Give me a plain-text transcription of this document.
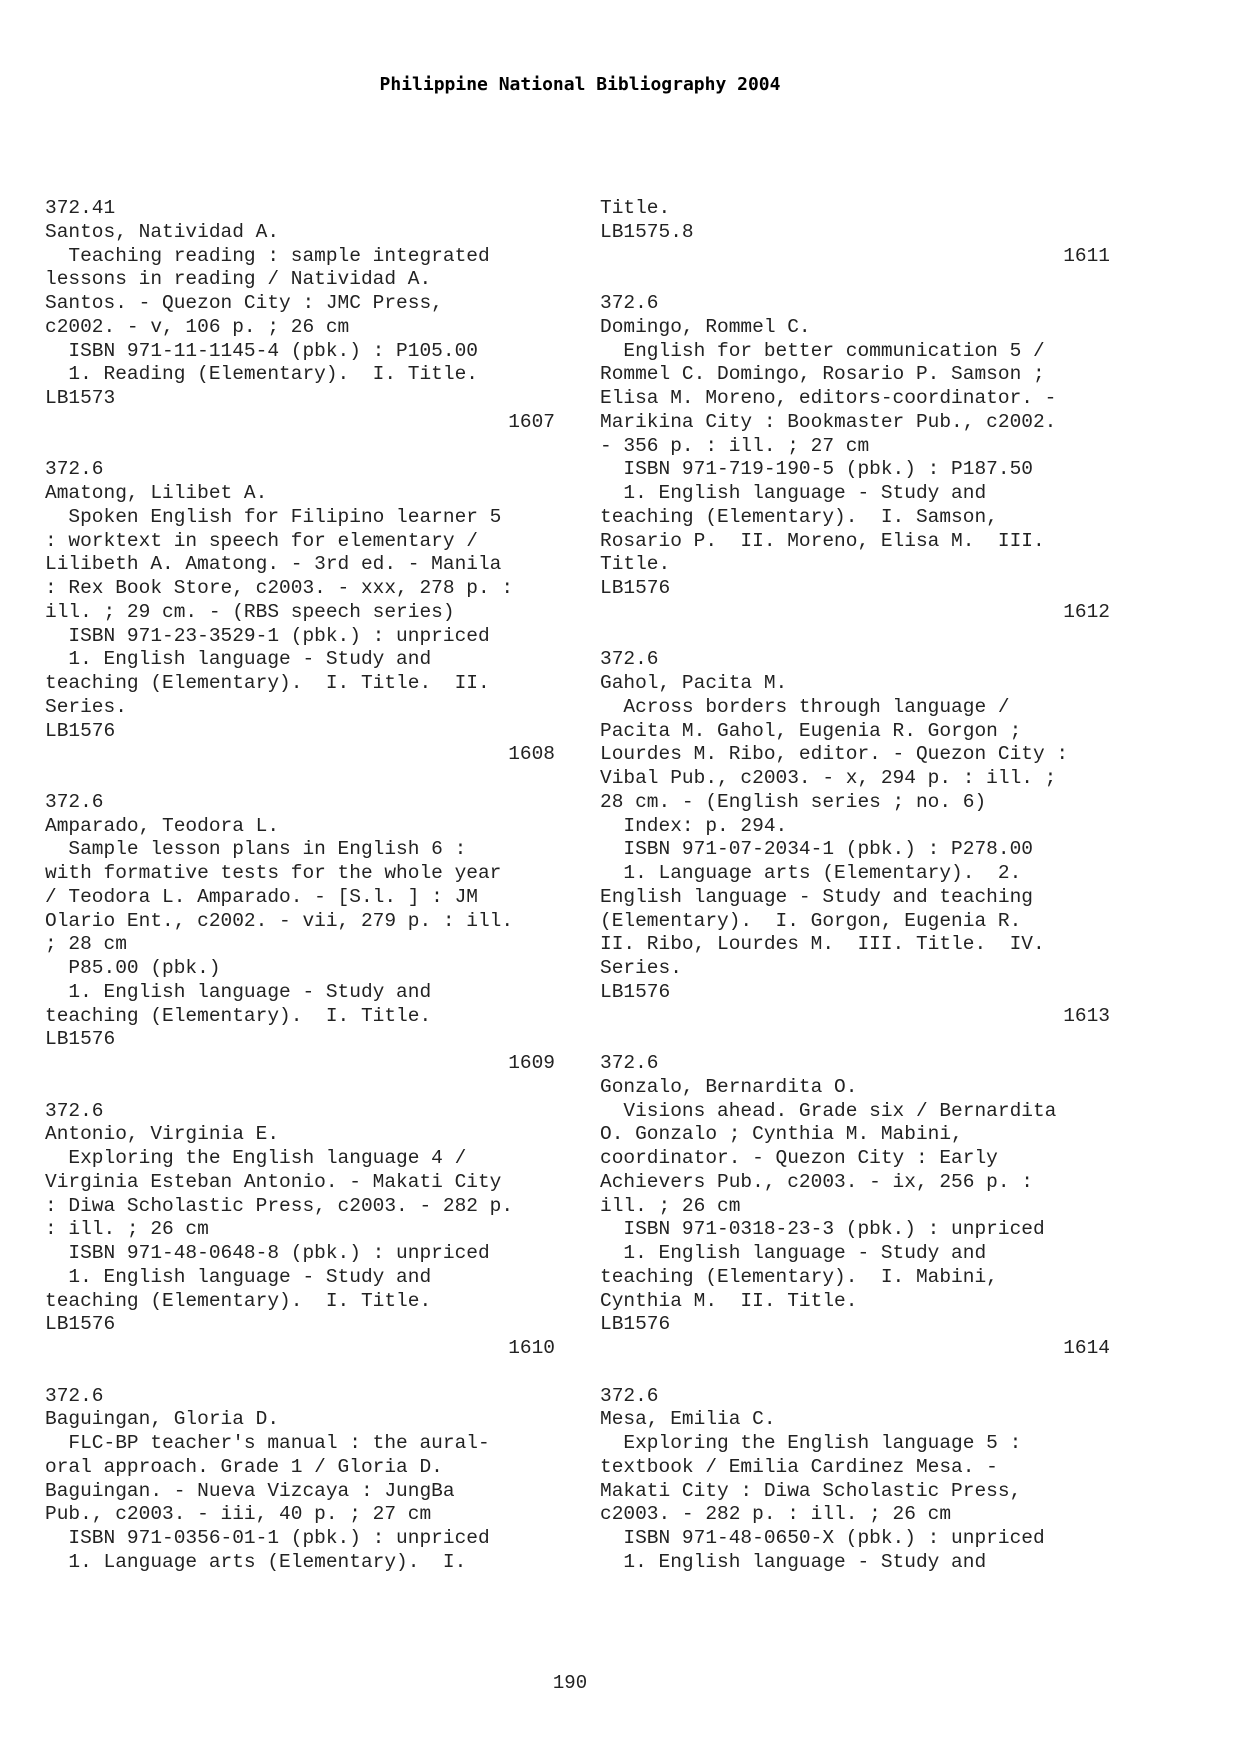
Philippine National Bibliography 2004
372.41
Santos, Natividad A.
Teaching reading : sample integrated
lessons in reading / Natividad A.
Santos. - Quezon City : JMC Press,
c2002. - v, 106 p. ; 26 cm
ISBN 971-11-1145-4 (pbk.) : P105.00
1. Reading (Elementary).  I. Title.
LB1573
1607
372.6
Amatong, Lilibet A.
Spoken English for Filipino learner 5
: worktext in speech for elementary /
Lilibeth A. Amatong. - 3rd ed. - Manila
: Rex Book Store, c2003. - xxx, 278 p. :
ill. ; 29 cm. - (RBS speech series)
ISBN 971-23-3529-1 (pbk.) : unpriced
1. English language - Study and
teaching (Elementary).  I. Title.  II.
Series.
LB1576
1608
372.6
Amparado, Teodora L.
Sample lesson plans in English 6 :
with formative tests for the whole year
/ Teodora L. Amparado. - [S.l. ] : JM
Olario Ent., c2002. - vii, 279 p. : ill.
; 28 cm
P85.00 (pbk.)
1. English language - Study and
teaching (Elementary).  I. Title.
LB1576
1609
372.6
Antonio, Virginia E.
Exploring the English language 4 /
Virginia Esteban Antonio. - Makati City
: Diwa Scholastic Press, c2003. - 282 p.
: ill. ; 26 cm
ISBN 971-48-0648-8 (pbk.) : unpriced
1. English language - Study and
teaching (Elementary).  I. Title.
LB1576
1610
372.6
Baguingan, Gloria D.
FLC-BP teacher's manual : the aural-
oral approach. Grade 1 / Gloria D.
Baguingan. - Nueva Vizcaya : JungBa
Pub., c2003. - iii, 40 p. ; 27 cm
ISBN 971-0356-01-1 (pbk.) : unpriced
1. Language arts (Elementary).  I.
Title.
LB1575.8
1611
372.6
Domingo, Rommel C.
English for better communication 5 /
Rommel C. Domingo, Rosario P. Samson ;
Elisa M. Moreno, editors-coordinator. -
Marikina City : Bookmaster Pub., c2002.
- 356 p. : ill. ; 27 cm
ISBN 971-719-190-5 (pbk.) : P187.50
1. English language - Study and
teaching (Elementary).  I. Samson,
Rosario P.  II. Moreno, Elisa M.  III.
Title.
LB1576
1612
372.6
Gahol, Pacita M.
Across borders through language /
Pacita M. Gahol, Eugenia R. Gorgon ;
Lourdes M. Ribo, editor. - Quezon City :
Vibal Pub., c2003. - x, 294 p. : ill. ;
28 cm. - (English series ; no. 6)
Index: p. 294.
ISBN 971-07-2034-1 (pbk.) : P278.00
1. Language arts (Elementary).  2.
English language - Study and teaching
(Elementary).  I. Gorgon, Eugenia R.
II. Ribo, Lourdes M.  III. Title.  IV.
Series.
LB1576
1613
372.6
Gonzalo, Bernardita O.
Visions ahead. Grade six / Bernardita
O. Gonzalo ; Cynthia M. Mabini,
coordinator. - Quezon City : Early
Achievers Pub., c2003. - ix, 256 p. :
ill. ; 26 cm
ISBN 971-0318-23-3 (pbk.) : unpriced
1. English language - Study and
teaching (Elementary).  I. Mabini,
Cynthia M.  II. Title.
LB1576
1614
372.6
Mesa, Emilia C.
Exploring the English language 5 :
textbook / Emilia Cardinez Mesa. -
Makati City : Diwa Scholastic Press,
c2003. - 282 p. : ill. ; 26 cm
ISBN 971-48-0650-X (pbk.) : unpriced
1. English language - Study and
190
